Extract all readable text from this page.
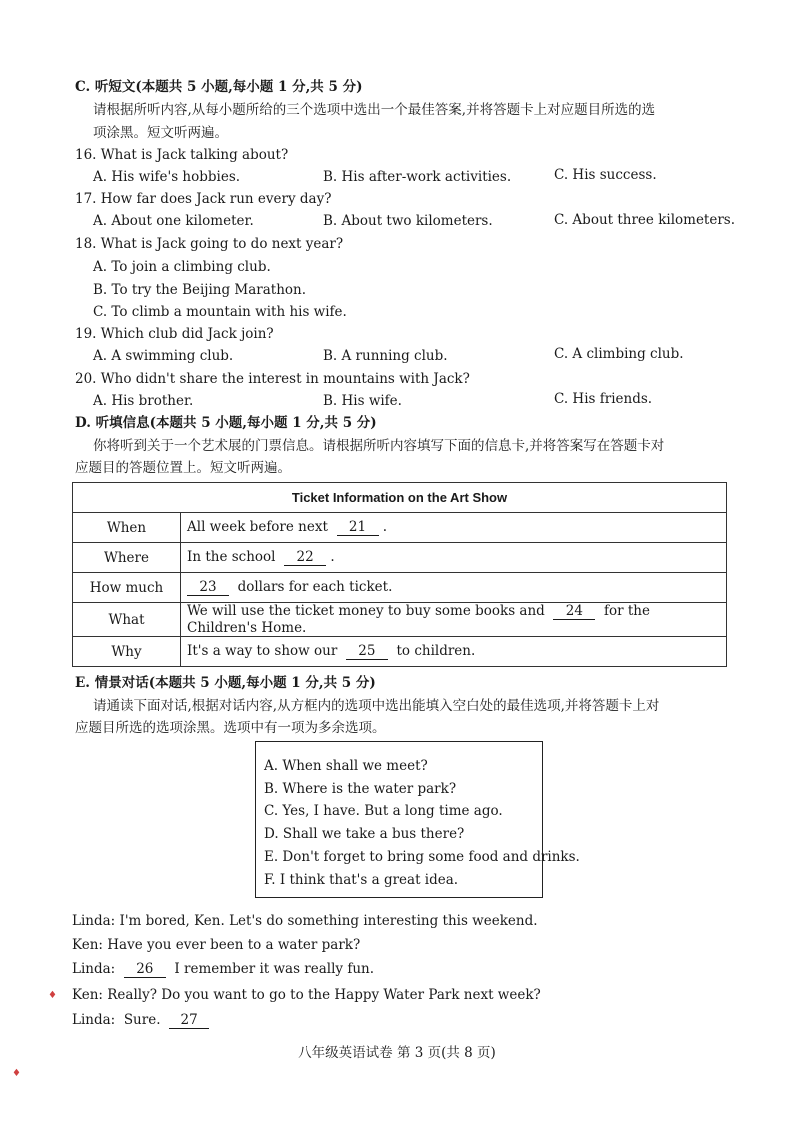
C. 听短文(本题共 5 小题,每小题 1 分,共 5 分)
请根据所听内容,从每小题所给的三个选项中选出一个最佳答案,并将答题卡上对应题目所选的选
项涂黑。短文听两遍。
16. What is Jack talking about?
A. His wife's hobbies.	B. His after-work activities.	C. His success.
17. How far does Jack run every day?
A. About one kilometer.	B. About two kilometers.	C. About three kilometers.
18. What is Jack going to do next year?
A. To join a climbing club.
B. To try the Beijing Marathon.
C. To climb a mountain with his wife.
19. Which club did Jack join?
A. A swimming club.	B. A running club.	C. A climbing club.
20. Who didn't share the interest in mountains with Jack?
A. His brother.	B. His wife.	C. His friends.
D. 听填信息(本题共 5 小题,每小题 1 分,共 5 分)
你将听到关于一个艺术展的门票信息。请根据所听内容填写下面的信息卡,并将答案写在答题卡对
应题目的答题位置上。短文听两遍。
Ticket Information on the Art Show	
When	All week before next 21 .
Where	In the school 22 .
How much	23 dollars for each ticket.
What	We will use the ticket money to buy some books and 24 for the Children's Home.
Why	It's a way to show our 25 to children.
E. 情景对话(本题共 5 小题,每小题 1 分,共 5 分)
请通读下面对话,根据对话内容,从方框内的选项中选出能填入空白处的最佳选项,并将答题卡上对
应题目所选的选项涂黑。选项中有一项为多余选项。
A. When shall we meet?
B. Where is the water park?
C. Yes, I have. But a long time ago.
D. Shall we take a bus there?
E. Don't forget to bring some food and drinks.
F. I think that's a great idea.
Linda: I'm bored, Ken. Let's do something interesting this weekend.
Ken: Have you ever been to a water park?
Linda: 26 I remember it was really fun.
♦ Ken: Really? Do you want to go to the Happy Water Park next week?
Linda: Sure. 27
八年级英语试卷 第 3 页(共 8 页)
♦
